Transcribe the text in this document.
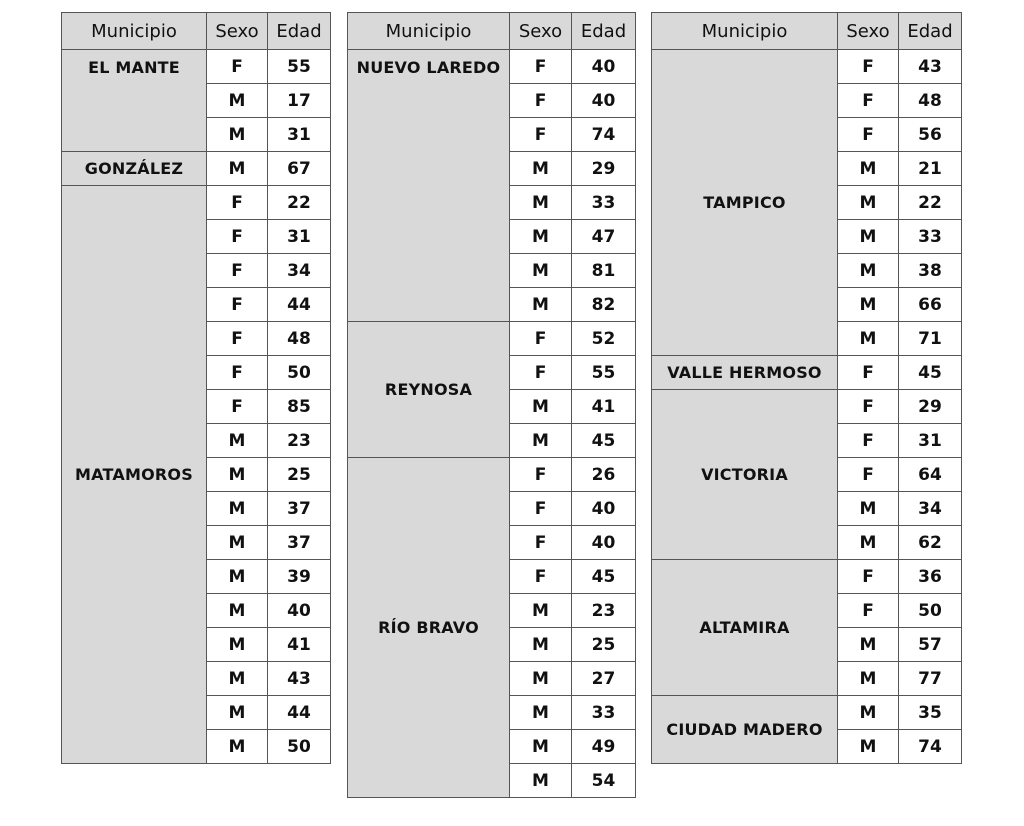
Municipio	Sexo	Edad
EL MANTE	F	55
	M	17
	M	31
GONZÁLEZ	M	67
MATAMOROS	F	22
	F	31
	F	34
	F	44
	F	48
	F	50
	F	85
	M	23
	M	25
	M	37
	M	37
	M	39
	M	40
	M	41
	M	43
	M	44
	M	50
Municipio	Sexo	Edad
NUEVO LAREDO	F	40
	F	40
	F	74
	M	29
	M	33
	M	47
	M	81
	M	82
REYNOSA	F	52
	F	55
	M	41
	M	45
RÍO BRAVO	F	26
	F	40
	F	40
	F	45
	M	23
	M	25
	M	27
	M	33
	M	49
	M	54
Municipio	Sexo	Edad
TAMPICO	F	43
	F	48
	F	56
	M	21
	M	22
	M	33
	M	38
	M	66
	M	71
VALLE HERMOSO	F	45
VICTORIA	F	29
	F	31
	F	64
	M	34
	M	62
ALTAMIRA	F	36
	F	50
	M	57
	M	77
CIUDAD MADERO	M	35
	M	74
